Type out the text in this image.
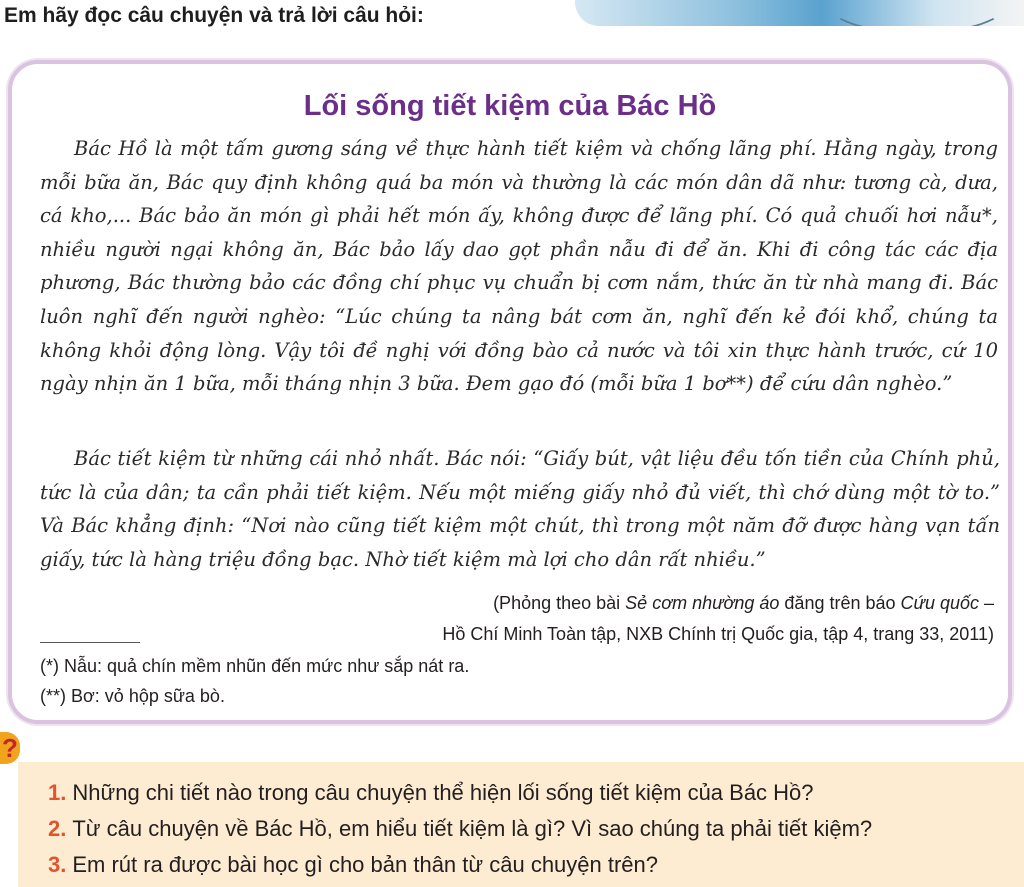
Em hãy đọc câu chuyện và trả lời câu hỏi:
Lối sống tiết kiệm của Bác Hồ

Bác Hồ là một tấm gương sáng về thực hành tiết kiệm và chống lãng phí. Hằng ngày, trong mỗi bữa ăn, Bác quy định không quá ba món và thường là các món dân dã như: tương cà, dưa, cá kho,... Bác bảo ăn món gì phải hết món ấy, không được để lãng phí. Có quả chuối hơi nẫu*, nhiều người ngại không ăn, Bác bảo lấy dao gọt phần nẫu đi để ăn. Khi đi công tác các địa phương, Bác thường bảo các đồng chí phục vụ chuẩn bị cơm nắm, thức ăn từ nhà mang đi. Bác luôn nghĩ đến người nghèo: “Lúc chúng ta nâng bát cơm ăn, nghĩ đến kẻ đói khổ, chúng ta không khỏi động lòng. Vậy tôi đề nghị với đồng bào cả nước và tôi xin thực hành trước, cứ 10 ngày nhịn ăn 1 bữa, mỗi tháng nhịn 3 bữa. Đem gạo đó (mỗi bữa 1 bơ**) để cứu dân nghèo.”

Bác tiết kiệm từ những cái nhỏ nhất. Bác nói: “Giấy bút, vật liệu đều tốn tiền của Chính phủ, tức là của dân; ta cần phải tiết kiệm. Nếu một miếng giấy nhỏ đủ viết, thì chớ dùng một tờ to.” Và Bác khẳng định: “Nơi nào cũng tiết kiệm một chút, thì trong một năm đỡ được hàng vạn tấn giấy, tức là hàng triệu đồng bạc. Nhờ tiết kiệm mà lợi cho dân rất nhiều.”

(Phỏng theo bài Sẻ cơm nhường áo đăng trên báo Cứu quốc –
Hồ Chí Minh Toàn tập, NXB Chính trị Quốc gia, tập 4, trang 33, 2011)
(*) Nẫu: quả chín mềm nhũn đến mức như sắp nát ra.
(**) Bơ: vỏ hộp sữa bò.
?
1. Những chi tiết nào trong câu chuyện thể hiện lối sống tiết kiệm của Bác Hồ?
2. Từ câu chuyện về Bác Hồ, em hiểu tiết kiệm là gì? Vì sao chúng ta phải tiết kiệm?
3. Em rút ra được bài học gì cho bản thân từ câu chuyện trên?
